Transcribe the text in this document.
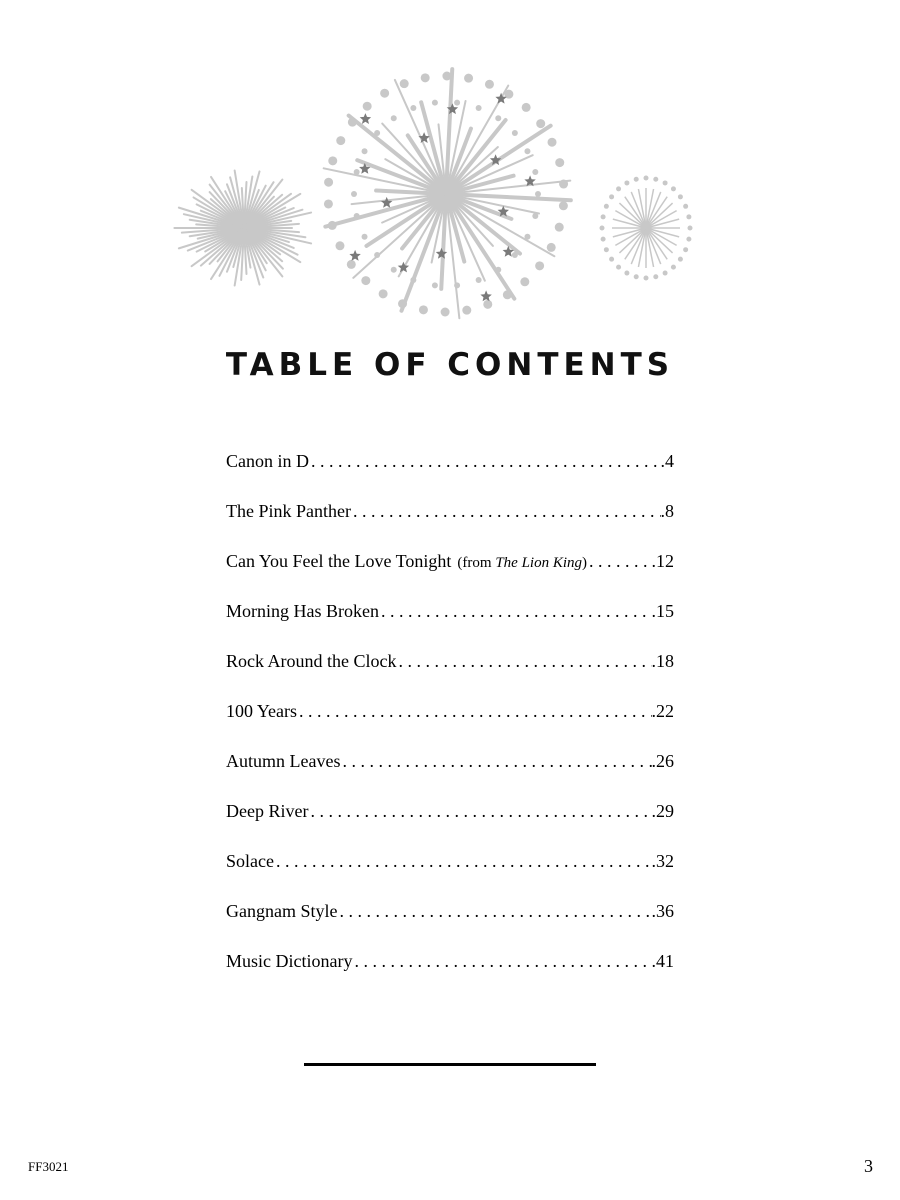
TABLE OF CONTENTS
Canon in D . . .	.4
The Pink Panther . . .	.8
Can You Feel the Love Tonight (from The Lion King) . . .	.12
Morning Has Broken . . .	.15
Rock Around the Clock . . .	.18
100 Years . . .	.22
Autumn Leaves . . .	.26
Deep River . . .	.29
Solace . . .	.32
Gangnam Style . . .	.36
Music Dictionary . . .	.41
FF3021	3
